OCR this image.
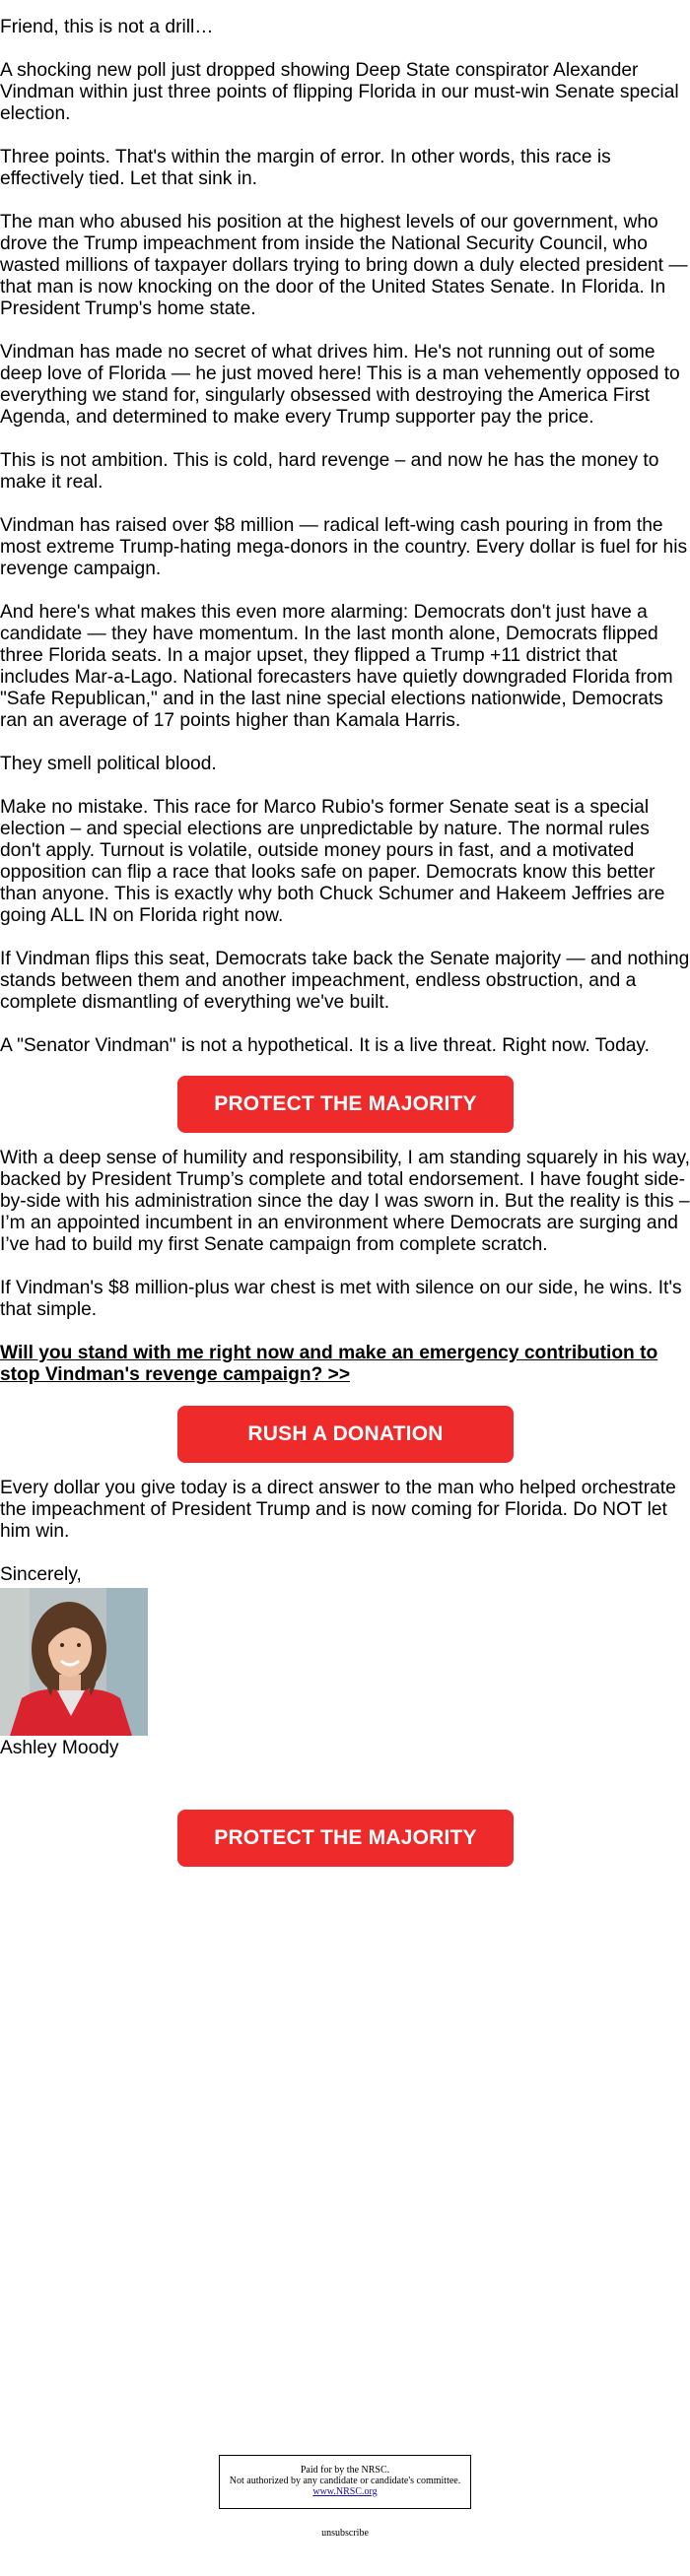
Friend, this is not a drill…

A shocking new poll just dropped showing Deep State conspirator Alexander Vindman within just three points of flipping Florida in our must-win Senate special election.

Three points. That's within the margin of error. In other words, this race is effectively tied. Let that sink in.

The man who abused his position at the highest levels of our government, who drove the Trump impeachment from inside the National Security Council, who wasted millions of taxpayer dollars trying to bring down a duly elected president — that man is now knocking on the door of the United States Senate. In Florida. In President Trump's home state.

Vindman has made no secret of what drives him. He's not running out of some deep love of Florida — he just moved here! This is a man vehemently opposed to everything we stand for, singularly obsessed with destroying the America First Agenda, and determined to make every Trump supporter pay the price.

This is not ambition. This is cold, hard revenge – and now he has the money to make it real.

Vindman has raised over $8 million — radical left-wing cash pouring in from the most extreme Trump-hating mega-donors in the country. Every dollar is fuel for his revenge campaign.

And here's what makes this even more alarming: Democrats don't just have a candidate — they have momentum. In the last month alone, Democrats flipped three Florida seats. In a major upset, they flipped a Trump +11 district that includes Mar-a-Lago. National forecasters have quietly downgraded Florida from "Safe Republican," and in the last nine special elections nationwide, Democrats ran an average of 17 points higher than Kamala Harris.

They smell political blood.

Make no mistake. This race for Marco Rubio's former Senate seat is a special election – and special elections are unpredictable by nature. The normal rules don't apply. Turnout is volatile, outside money pours in fast, and a motivated opposition can flip a race that looks safe on paper. Democrats know this better than anyone. This is exactly why both Chuck Schumer and Hakeem Jeffries are going ALL IN on Florida right now.

If Vindman flips this seat, Democrats take back the Senate majority — and nothing stands between them and another impeachment, endless obstruction, and a complete dismantling of everything we've built.

A "Senator Vindman" is not a hypothetical. It is a live threat. Right now. Today.

PROTECT THE MAJORITY

With a deep sense of humility and responsibility, I am standing squarely in his way, backed by President Trump’s complete and total endorsement. I have fought side-by-side with his administration since the day I was sworn in. But the reality is this – I’m an appointed incumbent in an environment where Democrats are surging and I’ve had to build my first Senate campaign from complete scratch.

If Vindman's $8 million-plus war chest is met with silence on our side, he wins. It's that simple.

Will you stand with me right now and make an emergency contribution to stop Vindman's revenge campaign? >>

RUSH A DONATION

Every dollar you give today is a direct answer to the man who helped orchestrate the impeachment of President Trump and is now coming for Florida. Do NOT let him win.

Sincerely,

Ashley Moody

PROTECT THE MAJORITY
Paid for by the NRSC.
Not authorized by any candidate or candidate's committee.
www.NRSC.org
unsubscribe
